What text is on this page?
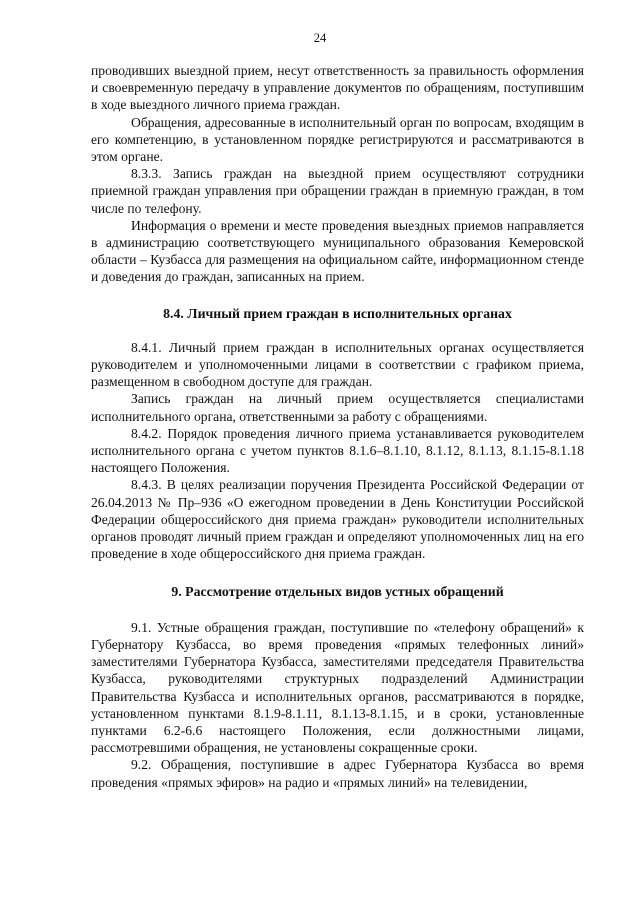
24

проводивших выездной прием, несут ответственность за правильность оформления и своевременную передачу в управление документов по обращениям, поступившим в ходе выездного личного приема граждан.

Обращения, адресованные в исполнительный орган по вопросам, входящим в его компетенцию, в установленном порядке регистрируются и рассматриваются в этом органе.

8.3.3. Запись граждан на выездной прием осуществляют сотрудники приемной граждан управления при обращении граждан в приемную граждан, в том числе по телефону.

Информация о времени и месте проведения выездных приемов направляется в администрацию соответствующего муниципального образования Кемеровской области – Кузбасса для размещения на официальном сайте, информационном стенде и доведения до граждан, записанных на прием.

8.4. Личный прием граждан в исполнительных органах

8.4.1. Личный прием граждан в исполнительных органах осуществляется руководителем и уполномоченными лицами в соответствии с графиком приема, размещенном в свободном доступе для граждан.

Запись граждан на личный прием осуществляется специалистами исполнительного органа, ответственными за работу с обращениями.

8.4.2. Порядок проведения личного приема устанавливается руководителем исполнительного органа с учетом пунктов 8.1.6–8.1.10, 8.1.12, 8.1.13, 8.1.15-8.1.18 настоящего Положения.

8.4.3. В целях реализации поручения Президента Российской Федерации от 26.04.2013 № Пр–936 «О ежегодном проведении в День Конституции Российской Федерации общероссийского дня приема граждан» руководители исполнительных органов проводят личный прием граждан и определяют уполномоченных лиц на его проведение в ходе общероссийского дня приема граждан.

9. Рассмотрение отдельных видов устных обращений

9.1. Устные обращения граждан, поступившие по «телефону обращений» к Губернатору Кузбасса, во время проведения «прямых телефонных линий» заместителями Губернатора Кузбасса, заместителями председателя Правительства Кузбасса, руководителями структурных подразделений Администрации Правительства Кузбасса и исполнительных органов, рассматриваются в порядке, установленном пунктами 8.1.9-8.1.11, 8.1.13-8.1.15, и в сроки, установленные пунктами 6.2-6.6 настоящего Положения, если должностными лицами, рассмотревшими обращения, не установлены сокращенные сроки.

9.2. Обращения, поступившие в адрес Губернатора Кузбасса во время проведения «прямых эфиров» на радио и «прямых линий» на телевидении,
